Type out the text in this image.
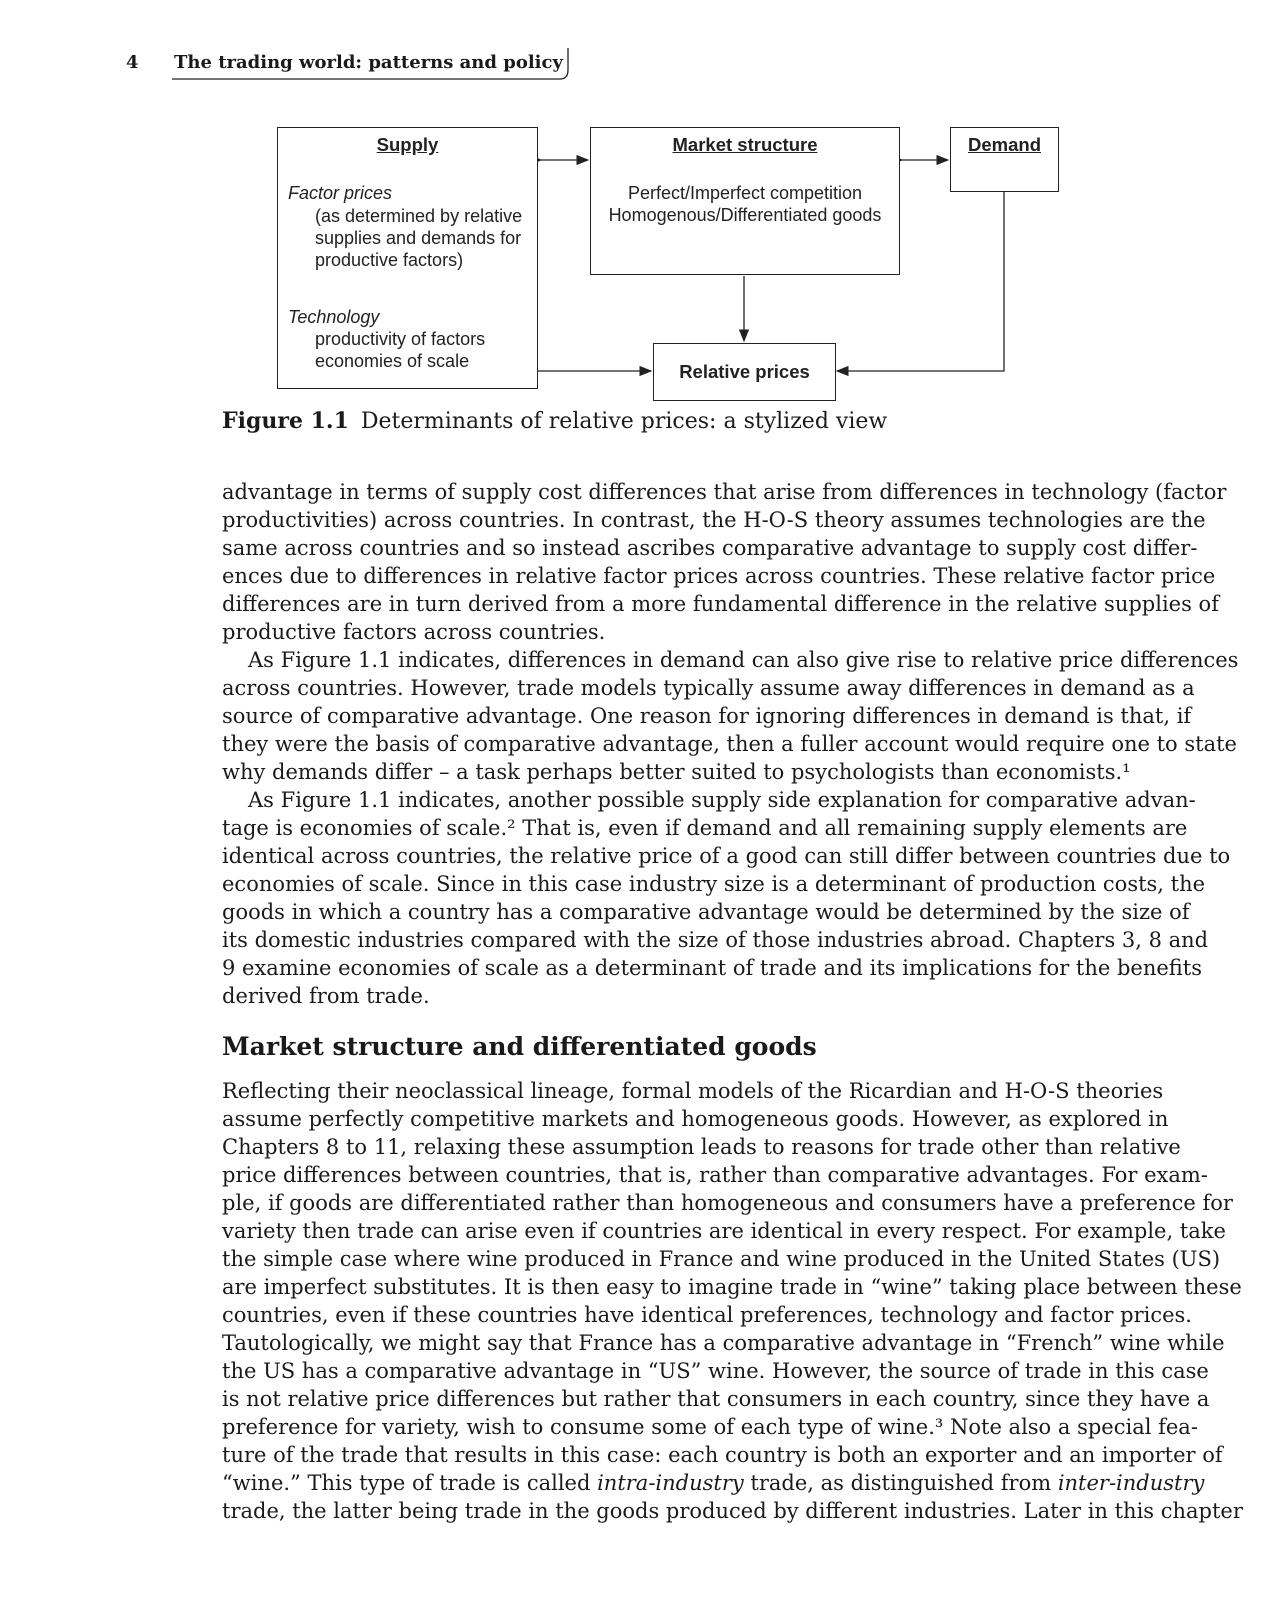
4 The trading world: patterns and policy
Supply
Factor prices
(as determined by relative
supplies and demands for
productive factors)
Technology
productivity of factors
economies of scale
Market structure
Perfect/Imperfect competition
Homogenous/Differentiated goods
Demand
Relative prices
Figure 1.1 Determinants of relative prices: a stylized view
advantage in terms of supply cost differences that arise from differences in technology (factor
productivities) across countries. In contrast, the H-O-S theory assumes technologies are the
same across countries and so instead ascribes comparative advantage to supply cost differ-
ences due to differences in relative factor prices across countries. These relative factor price
differences are in turn derived from a more fundamental difference in the relative supplies of
productive factors across countries.
As Figure 1.1 indicates, differences in demand can also give rise to relative price differences
across countries. However, trade models typically assume away differences in demand as a
source of comparative advantage. One reason for ignoring differences in demand is that, if
they were the basis of comparative advantage, then a fuller account would require one to state
why demands differ – a task perhaps better suited to psychologists than economists.¹
As Figure 1.1 indicates, another possible supply side explanation for comparative advan-
tage is economies of scale.² That is, even if demand and all remaining supply elements are
identical across countries, the relative price of a good can still differ between countries due to
economies of scale. Since in this case industry size is a determinant of production costs, the
goods in which a country has a comparative advantage would be determined by the size of
its domestic industries compared with the size of those industries abroad. Chapters 3, 8 and
9 examine economies of scale as a determinant of trade and its implications for the benefits
derived from trade.
Market structure and differentiated goods
Reflecting their neoclassical lineage, formal models of the Ricardian and H-O-S theories
assume perfectly competitive markets and homogeneous goods. However, as explored in
Chapters 8 to 11, relaxing these assumption leads to reasons for trade other than relative
price differences between countries, that is, rather than comparative advantages. For exam-
ple, if goods are differentiated rather than homogeneous and consumers have a preference for
variety then trade can arise even if countries are identical in every respect. For example, take
the simple case where wine produced in France and wine produced in the United States (US)
are imperfect substitutes. It is then easy to imagine trade in “wine” taking place between these
countries, even if these countries have identical preferences, technology and factor prices.
Tautologically, we might say that France has a comparative advantage in “French” wine while
the US has a comparative advantage in “US” wine. However, the source of trade in this case
is not relative price differences but rather that consumers in each country, since they have a
preference for variety, wish to consume some of each type of wine.³ Note also a special fea-
ture of the trade that results in this case: each country is both an exporter and an importer of
“wine.” This type of trade is called intra-industry trade, as distinguished from inter-industry
trade, the latter being trade in the goods produced by different industries. Later in this chapter
